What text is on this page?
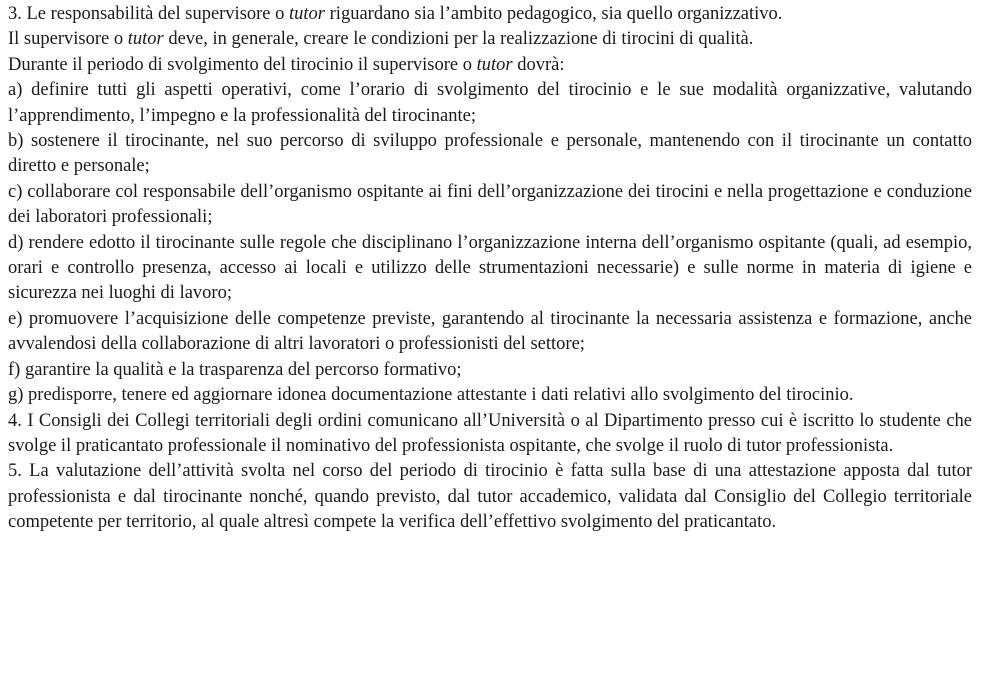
3. Le responsabilità del supervisore o tutor riguardano sia l’ambito pedagogico, sia quello organizzativo.

Il supervisore o tutor deve, in generale, creare le condizioni per la realizzazione di tirocini di qualità.

Durante il periodo di svolgimento del tirocinio il supervisore o tutor dovrà:

a) definire tutti gli aspetti operativi, come l’orario di svolgimento del tirocinio e le sue modalità organizzative, valutando l’apprendimento, l’impegno e la professionalità del tirocinante;

b) sostenere il tirocinante, nel suo percorso di sviluppo professionale e personale, mantenendo con il tirocinante un contatto diretto e personale;

c) collaborare col responsabile dell’organismo ospitante ai fini dell’organizzazione dei tirocini e nella progettazione e conduzione dei laboratori professionali;

d) rendere edotto il tirocinante sulle regole che disciplinano l’organizzazione interna dell’organismo ospitante (quali, ad esempio, orari e controllo presenza, accesso ai locali e utilizzo delle strumentazioni necessarie) e sulle norme in materia di igiene e sicurezza nei luoghi di lavoro;

e) promuovere l’acquisizione delle competenze previste, garantendo al tirocinante la necessaria assistenza e formazione, anche avvalendosi della collaborazione di altri lavoratori o professionisti del settore;

f) garantire la qualità e la trasparenza del percorso formativo;

g) predisporre, tenere ed aggiornare idonea documentazione attestante i dati relativi allo svolgimento del tirocinio.

4. I Consigli dei Collegi territoriali degli ordini comunicano all’Università o al Dipartimento presso cui è iscritto lo studente che svolge il praticantato professionale il nominativo del professionista ospitante, che svolge il ruolo di tutor professionista.

5. La valutazione dell’attività svolta nel corso del periodo di tirocinio è fatta sulla base di una attestazione apposta dal tutor professionista e dal tirocinante nonché, quando previsto, dal tutor accademico, validata dal Consiglio del Collegio territoriale competente per territorio, al quale altresì compete la verifica dell’effettivo svolgimento del praticantato.
